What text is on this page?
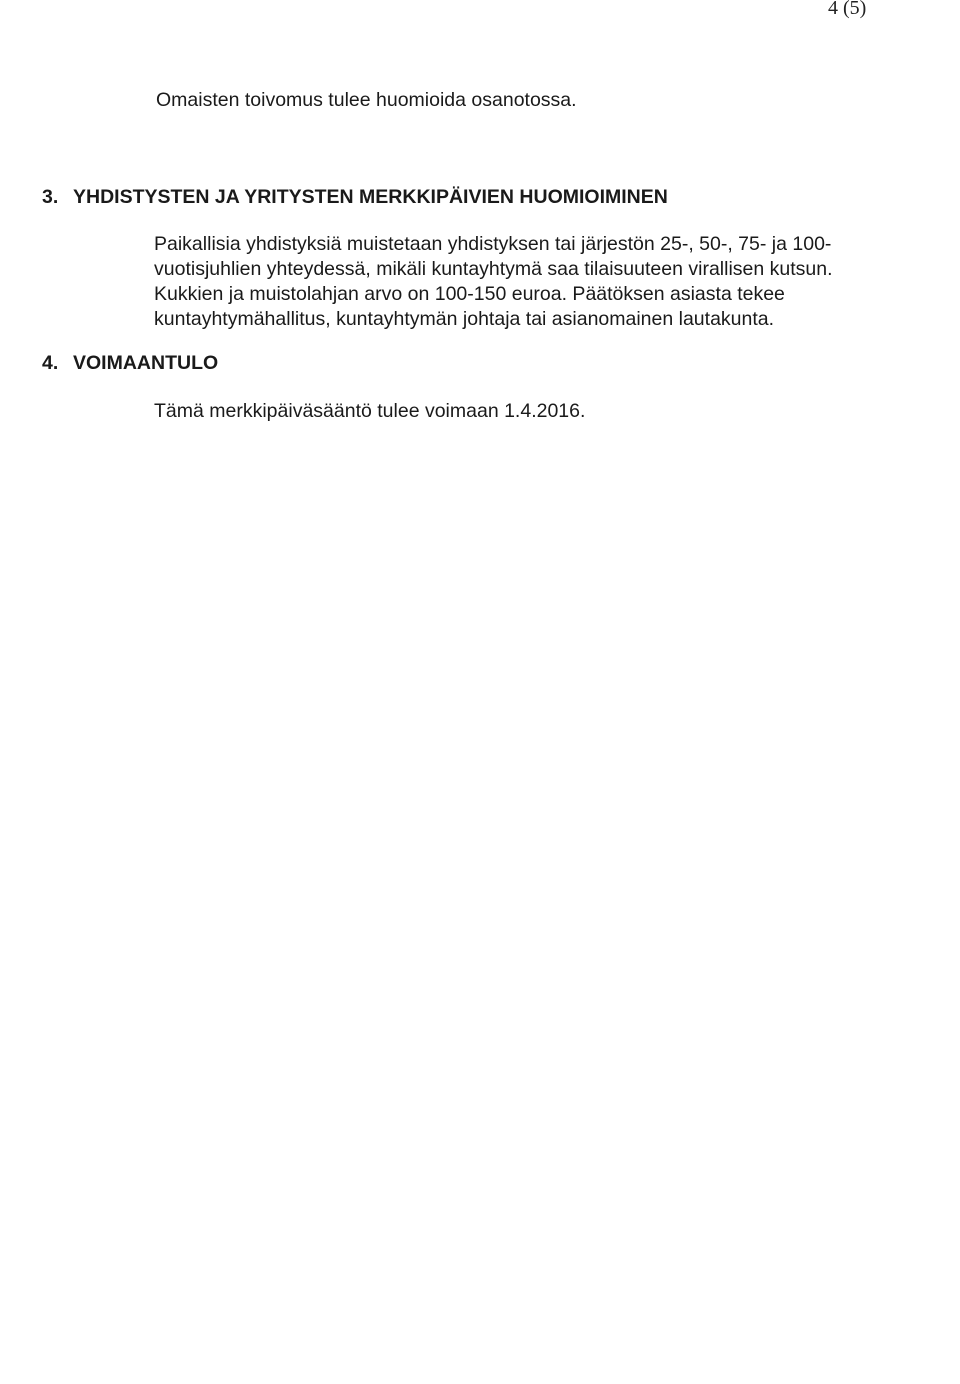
4 (5)
Omaisten toivomus tulee huomioida osanotossa.
3. YHDISTYSTEN JA YRITYSTEN MERKKIPÄIVIEN HUOMIOIMINEN
Paikallisia yhdistyksiä muistetaan yhdistyksen tai järjestön 25-, 50-, 75- ja 100-
vuotisjuhlien yhteydessä, mikäli kuntayhtymä saa tilaisuuteen virallisen kutsun.
Kukkien ja muistolahjan arvo on 100-150 euroa. Päätöksen asiasta tekee
kuntayhtymähallitus, kuntayhtymän johtaja tai asianomainen lautakunta.
4. VOIMAANTULO
Tämä merkkipäiväsääntö tulee voimaan 1.4.2016.
